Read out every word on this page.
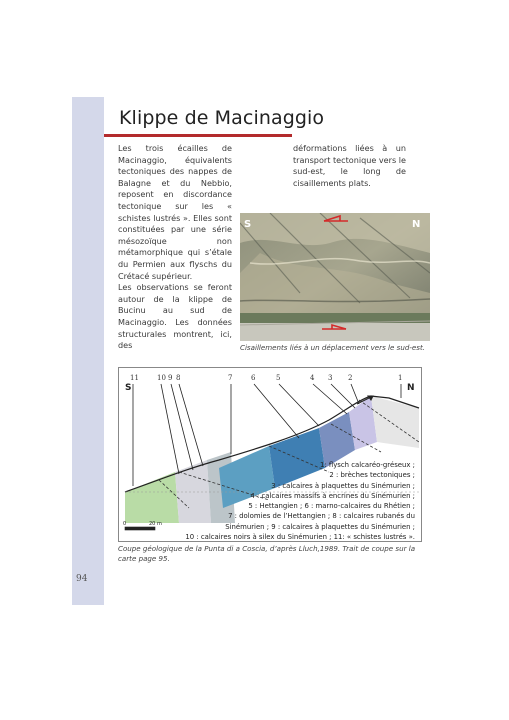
94
Klippe de Macinaggio

Les trois écailles de Macinaggio, équivalents tectoniques des nappes de Balagne et du Nebbio, reposent en discordance tectonique sur les « schistes lustrés ». Elles sont constituées par une série mésozoïque non métamorphique qui s’étale du Permien aux flyschs du Crétacé supérieur.

Les observations se feront autour de la klippe de Bucinu au sud de Macinaggio. Les données structurales montrent, ici, des

déformations liées à un transport tectonique vers le sud-est, le long de cisaillements plats.

S	N
Cisaillements liés à un déplacement vers le sud-est.
11	10 9 8	7	6	5	4 3 2	1
S	N
0	20 m
1: flysch calcaréo-gréseux ;
2 : brèches tectoniques ;
3 : calcaires à plaquettes du Sinémurien ;
4 : calcaires massifs à encrines du Sinémurien ;
5 : Hettangien ; 6 : marno-calcaires du Rhétien ;
7 : dolomies de l’Hettangien ; 8 : calcaires rubanés du
Sinémurien ; 9 : calcaires à plaquettes du Sinémurien ;
10 : calcaires noirs à silex du Sinémurien ; 11: « schistes lustrés ».
Coupe géologique de la Punta di a Coscia, d’après Lluch,1989. Trait de coupe sur la carte page 95.
